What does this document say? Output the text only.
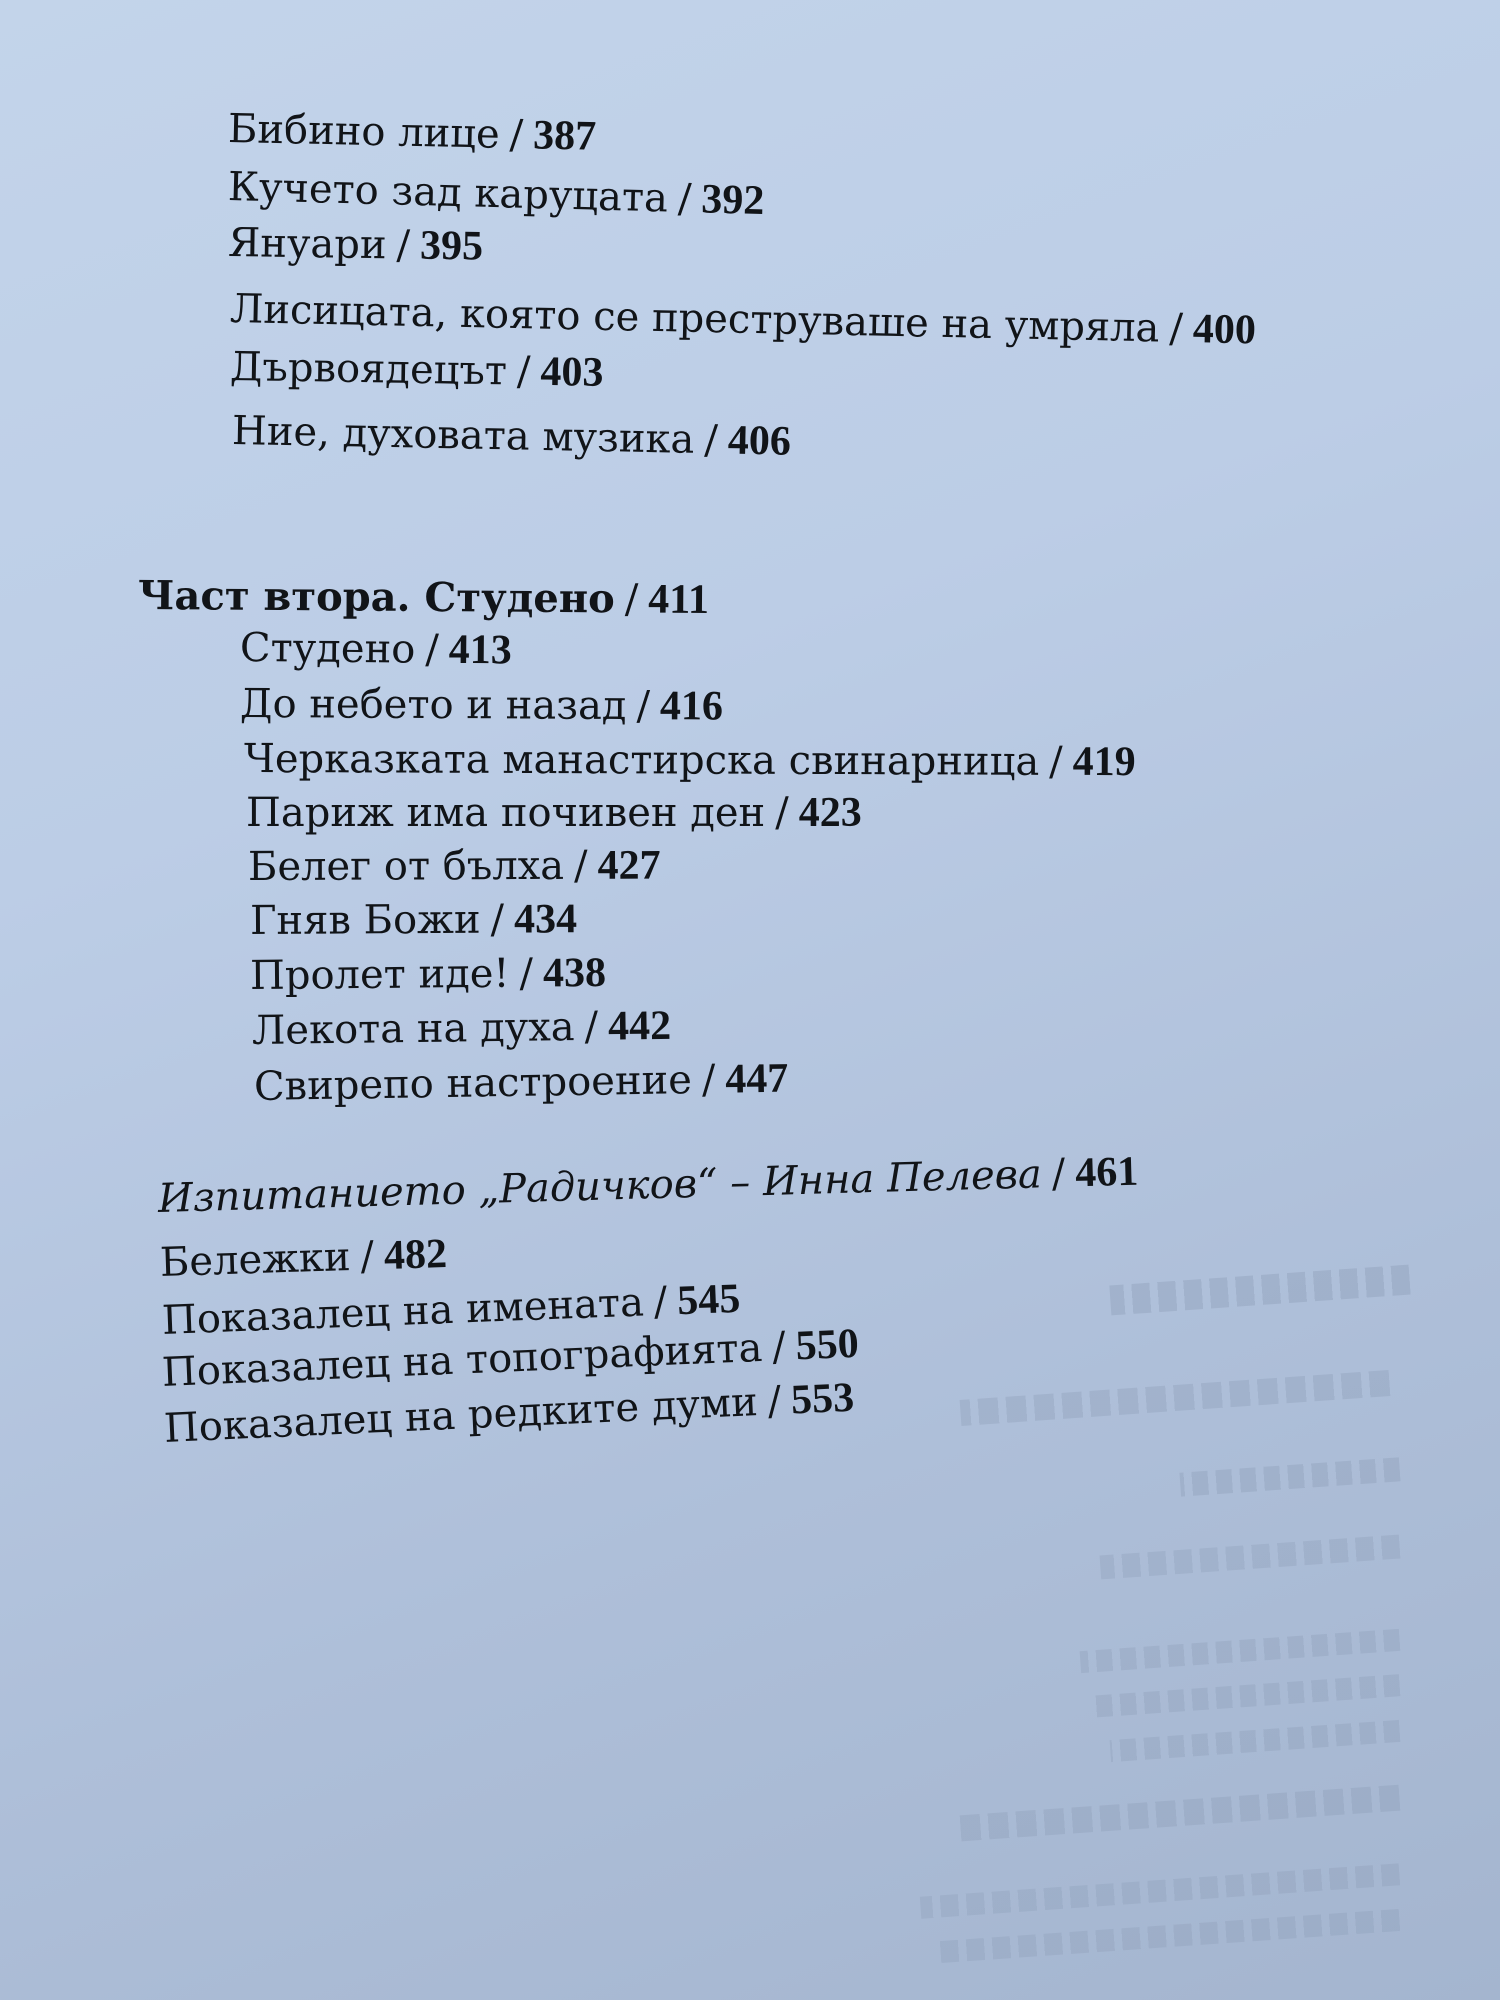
Бибино лице / 387
Кучето зад каруцата / 392
Януари / 395
Лисицата, която се преструваше на умряла / 400
Дървоядецът / 403
Ние, духовата музика / 406
Част втора. Студено / 411
Студено / 413
До небето и назад / 416
Черказката манастирска свинарница / 419
Париж има почивен ден / 423
Белег от бълха / 427
Гняв Божи / 434
Пролет иде! / 438
Лекота на духа / 442
Свирепо настроение / 447
Изпитанието „Радичков“ – Инна Пелева / 461
Бележки / 482
Показалец на имената / 545
Показалец на топографията / 550
Показалец на редките думи / 553
